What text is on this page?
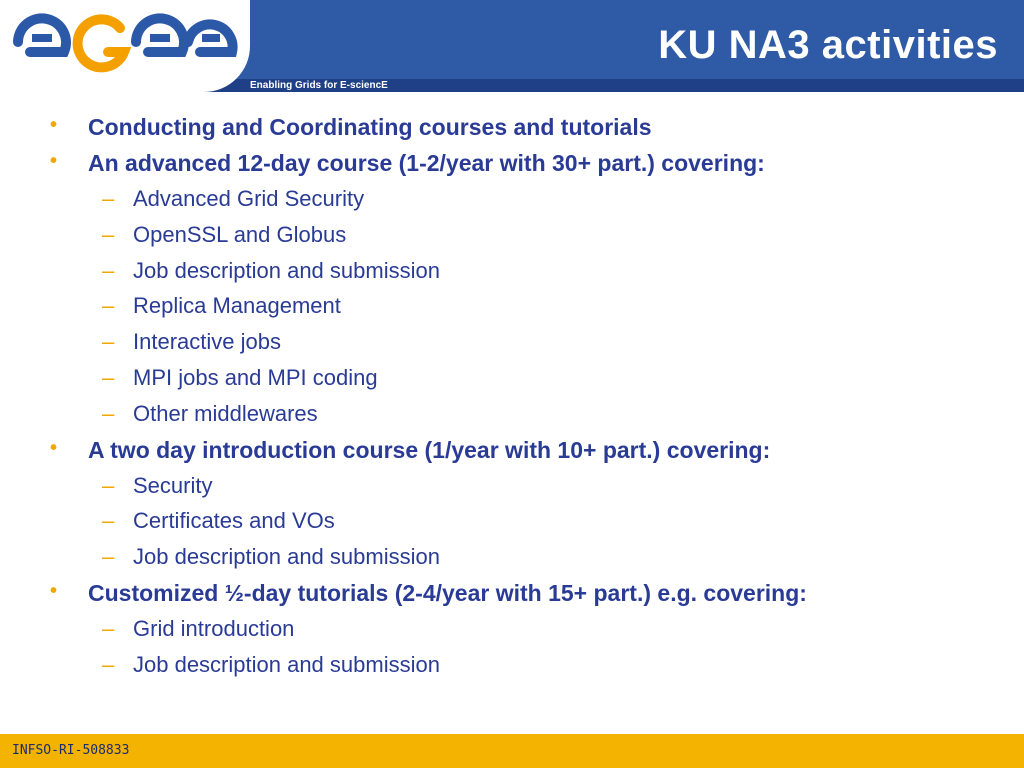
Enabling Grids for E-sciencE
KU NA3 activities
• Conducting and Coordinating courses and tutorials
• An advanced 12-day course (1-2/year with 30+ part.) covering:
– Advanced Grid Security
– OpenSSL and Globus
– Job description and submission
– Replica Management
– Interactive jobs
– MPI jobs and MPI coding
– Other middlewares
• A two day introduction course (1/year with 10+ part.) covering:
– Security
– Certificates and VOs
– Job description and submission
• Customized ½-day tutorials (2-4/year with 15+ part.) e.g. covering:
– Grid introduction
– Job description and submission
INFSO-RI-508833
